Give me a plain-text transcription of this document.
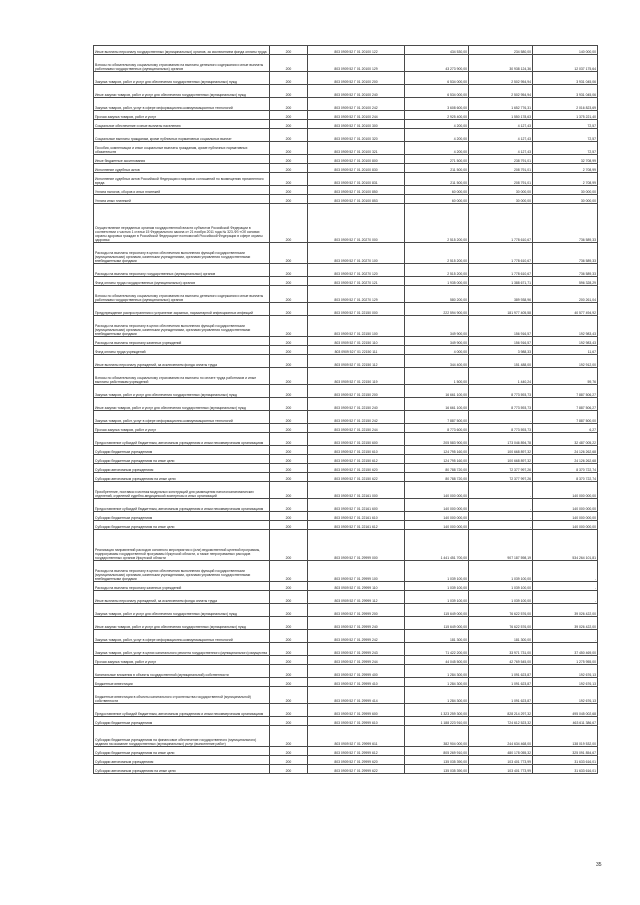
Иные выплаты персоналу государственных (муниципальных) органов, за исключением фонда оплаты труда	200	803 0909 52 Г 01 20100 122	434 530,00	234 580,00	140 000,00
Взносы по обязательному социальному страхованию на выплаты денежного содержания и иные выплаты работникам государственных (муниципальных) органов	200	803 0909 52 Г 01 20100 129	43 273 900,00	30 938 124,36	12 037 175,64
Закупка товаров, работ и услуг для обеспечения государственных (муниципальных) нужд	200	803 0909 52 Г 01 20100 200	6 534 000,00	2 502 954,94	3 931 045,06
Иные закупки товаров, работ и услуг для обеспечения государственных (муниципальных) нужд	200	803 0909 52 Г 01 20100 240	6 534 000,00	2 502 954,94	3 931 045,06
Закупка товаров, работ, услуг в сфере информационно-коммуникационных технологий	200	803 0909 52 Г 01 20100 242	3 608 600,00	1 652 776,31	2 016 823,69
Прочая закупка товаров, работ и услуг	200	803 0909 52 Г 01 20100 244	2 925 400,00	1 550 178,63	1 375 221,40
Социальное обеспечение и иные выплаты населению	200	803 0909 52 Г 01 20100 300	4 200,00	4 127,43	72,57
Социальные выплаты гражданам, кроме публичных нормативных социальных выплат	200	803 0909 52 Г 01 20100 320	4 200,00	4 127,43	72,57
Пособия, компенсации и иные социальные выплаты гражданам, кроме публичных нормативных обязательств	200	803 0909 52 Г 01 20100 321	4 200,00	4 127,43	72,57
Иные бюджетные ассигнования	200	803 0909 52 Г 01 20100 800	271 500,00	238 791,01	32 708,99
Исполнение судебных актов	200	803 0909 52 Г 01 20100 830	211 500,00	208 791,01	2 708,99
Исполнение судебных актов Российской Федерации и мировых соглашений по возмещению причиненного вреда	200	803 0909 52 Г 01 20100 831	211 500,00	208 791,01	2 708,99
Уплата налогов, сборов и иных платежей	200	803 0909 52 Г 01 20100 850	60 000,00	30 000,00	30 000,00
Уплата иных платежей	200	803 0909 52 Г 01 20100 853	60 000,00	30 000,00	30 000,00
Осуществление переданных органам государственной власти субъектов Российской Федерации в соответствии с частью 1 статьи 15 Федерального закона от 21 ноября 2011 года № 323-ФЗ «Об основах охраны здоровья граждан в Российской Федерации» полномочий Российской Федерации в сфере охраны здоровья	200	803 0909 52 Г 01 20270 000	2 515 200,00	1 778 610,67	736 589,33
Расходы на выплаты персоналу в целях обеспечения выполнения функций государственными (муниципальными) органами, казенными учреждениями, органами управления государственными внебюджетными фондами	200	803 0909 52 Г 01 20270 100	2 515 200,00	1 778 610,67	736 589,33
Расходы на выплаты персоналу государственных (муниципальных) органов	200	803 0909 52 Г 01 20270 120	2 515 200,00	1 778 610,67	736 589,33
Фонд оплаты труда государственных (муниципальных) органов	200	803 0909 52 Г 01 20270 121	1 935 000,00	1 388 671,71	596 328,29
Взносы по обязательному социальному страхованию на выплаты денежного содержания и иные выплаты работникам государственных (муниципальных) органов	200	803 0909 52 Г 01 20270 129	580 200,00	389 938,96	200 261,04
Предупреждение распространения и устранение заразных, паразитарной инфекционных инфекций	200	803 0909 52 Г 01 22150 000	222 594 900,00	181 977 405,58	40 577 494,92
Расходы на выплаты персоналу в целях обеспечения выполнения функций государственными (муниципальными) органами, казенными учреждениями, органами управления государственными внебюджетными фондами	200	803 0909 52 Г 01 22150 100	349 900,00	156 916,57	192 983,43
Расходы на выплаты персоналу казенных учреждений	200	803 0909 52 Г 01 22150 110	349 900,00	156 916,57	192 983,43
Фонд оплаты труда учреждений	200	803 0909 52 Г 01 22150 111	4 000,00	3 988,33	11,67
Иные выплаты персоналу учреждений, за исключением фонда оплаты труда	200	803 0909 52 Г 01 22150 112	344 400,00	151 488,00	192 912,00
Взносы по обязательному социальному страхованию на выплаты по оплате труда работников и иные выплаты работникам учреждений	200	803 0909 52 Г 01 22150 119	1 500,00	1 440,24	59,76
Закупка товаров, работ и услуг для обеспечения государственных (муниципальных) нужд	200	803 0909 52 Г 01 22150 200	16 661 100,00	8 773 593,73	7 887 506,27
Иные закупки товаров, работ и услуг для обеспечения государственных (муниципальных) нужд	200	803 0909 52 Г 01 22150 240	16 661 100,00	8 773 593,73	7 887 506,27
Закупка товаров, работ, услуг в сфере информационно-коммуникационных технологий	200	803 0909 52 Г 01 22150 242	7 887 500,00	-	7 887 500,00
Прочая закупка товаров, работ и услуг	200	803 0909 52 Г 01 22150 244	8 773 600,00	8 773 593,73	6,27
Предоставление субсидий бюджетным, автономным учреждениям и иным некоммерческим организациям	200	803 0909 52 Г 01 22150 600	205 583 900,00	173 046 894,78	32 487 005,22
Субсидии бюджетным учреждениям	200	803 0909 52 Г 01 22150 610	124 795 160,00	100 668 897,32	24 126 262,68
Субсидии бюджетным учреждениям на иные цели	200	803 0909 52 Г 01 22150 612	124 795 160,00	100 668 897,32	24 126 262,68
Субсидии автономным учреждениям	200	803 0909 52 Г 01 22150 620	80 788 720,00	72 377 997,26	8 370 722,74
Субсидии автономным учреждениям на иные цели	200	803 0909 52 Г 01 22150 622	80 788 720,00	72 377 997,26	8 370 722,74
Приобретение, поставка и монтаж модульных конструкций для размещения патологоанатомических отделений, отделений судебно-медицинской экспертизы и иных организаций	200	803 0909 52 Г 01 22161 000	140 000 000,00	-	140 000 000,00
Предоставление субсидий бюджетным, автономным учреждениям и иным некоммерческим организациям	200	803 0909 52 Г 01 22161 600	140 000 000,00	-	140 000 000,00
Субсидии бюджетным учреждениям	200	803 0909 52 Г 01 22161 610	140 000 000,00	-	140 000 000,00
Субсидии бюджетным учреждениям на иные цели	200	803 0909 52 Г 01 22161 612	140 000 000,00	-	140 000 000,00
Реализация направлений расходов основного мероприятия и (или) ведомственной целевой программы, подпрограммы государственной программы Иркутской области, а также непрограммных расходов государственных органов Иркутской области	200	803 0909 52 Г 01 29999 000	1 441 451 700,00	907 187 598,19	534 264 101,81
Расходы на выплаты персоналу в целях обеспечения выполнения функций государственными (муниципальными) органами, казенными учреждениями, органами управления государственными внебюджетными фондами	200	803 0909 52 Г 01 29999 100	1 039 100,00	1 039 100,00	-
Расходы на выплаты персоналу казенных учреждений	200	803 0909 52 Г 01 29999 110	1 039 100,00	1 039 100,00	-
Иные выплаты персоналу учреждений, за исключением фонда оплаты труда	200	803 0909 52 Г 01 29999 112	1 039 100,00	1 039 100,00	-
Закупка товаров, работ и услуг для обеспечения государственных (муниципальных) нужд	200	803 0909 52 Г 01 29999 200	115 649 000,00	76 622 576,00	39 026 422,00
Иные закупки товаров, работ и услуг для обеспечения государственных (муниципальных) нужд	200	803 0909 52 Г 01 29999 240	115 649 000,00	76 622 576,00	39 026 422,00
Закупка товаров, работ, услуг в сфере информационно-коммуникационных технологий	200	803 0909 52 Г 01 29999 242	181 300,00	181 300,00	-
Закупка товаров, работ, услуг в целях капитального ремонта государственного (муниципального) имущества	200	803 0909 52 Г 01 29999 243	71 422 200,00	33 971 731,00	37 450 469,00
Прочая закупка товаров, работ и услуг	200	803 0909 52 Г 01 29999 244	44 045 500,00	42 769 545,00	1 275 955,00
Капитальные вложения в объекты государственной (муниципальной) собственности	200	803 0909 52 Г 01 29999 400	1 284 300,00	1 091 623,87	192 676,13
Бюджетные инвестиции	200	803 0909 52 Г 01 29999 410	1 284 300,00	1 091 623,87	192 676,13
Бюджетные инвестиции в объекты капитального строительства государственной (муниципальной) собственности	200	803 0909 52 Г 01 29999 414	1 284 300,00	1 091 623,87	192 676,13
Предоставление субсидий бюджетным, автономным учреждениям и иным некоммерческим организациям	200	803 0909 52 Г 01 29999 600	1 323 259 300,00	828 214 297,32	495 045 002,68
Субсидии бюджетным учреждениям	200	803 0909 52 Г 01 29999 610	1 188 223 910,00	724 612 523,32	463 611 386,67
Субсидии бюджетным учреждениям на финансовое обеспечение государственного (муниципального) задания на оказание государственных (муниципальных) услуг (выполнение работ)	200	803 0909 52 Г 01 29999 611	382 904 000,00	244 634 468,00	138 019 532,00
Субсидии бюджетным учреждениям на иные цели	200	803 0909 52 Г 01 29999 612	805 269 910,00	480 178 055,32	325 091 854,67
Субсидии автономным учреждениям	200	803 0909 52 Г 01 29999 620	135 035 390,00	103 401 773,99	31 633 616,01
Субсидии автономным учреждениям на иные цели	200	803 0909 52 Г 01 29999 622	135 035 390,00	103 401 773,99	31 633 616,01
35
